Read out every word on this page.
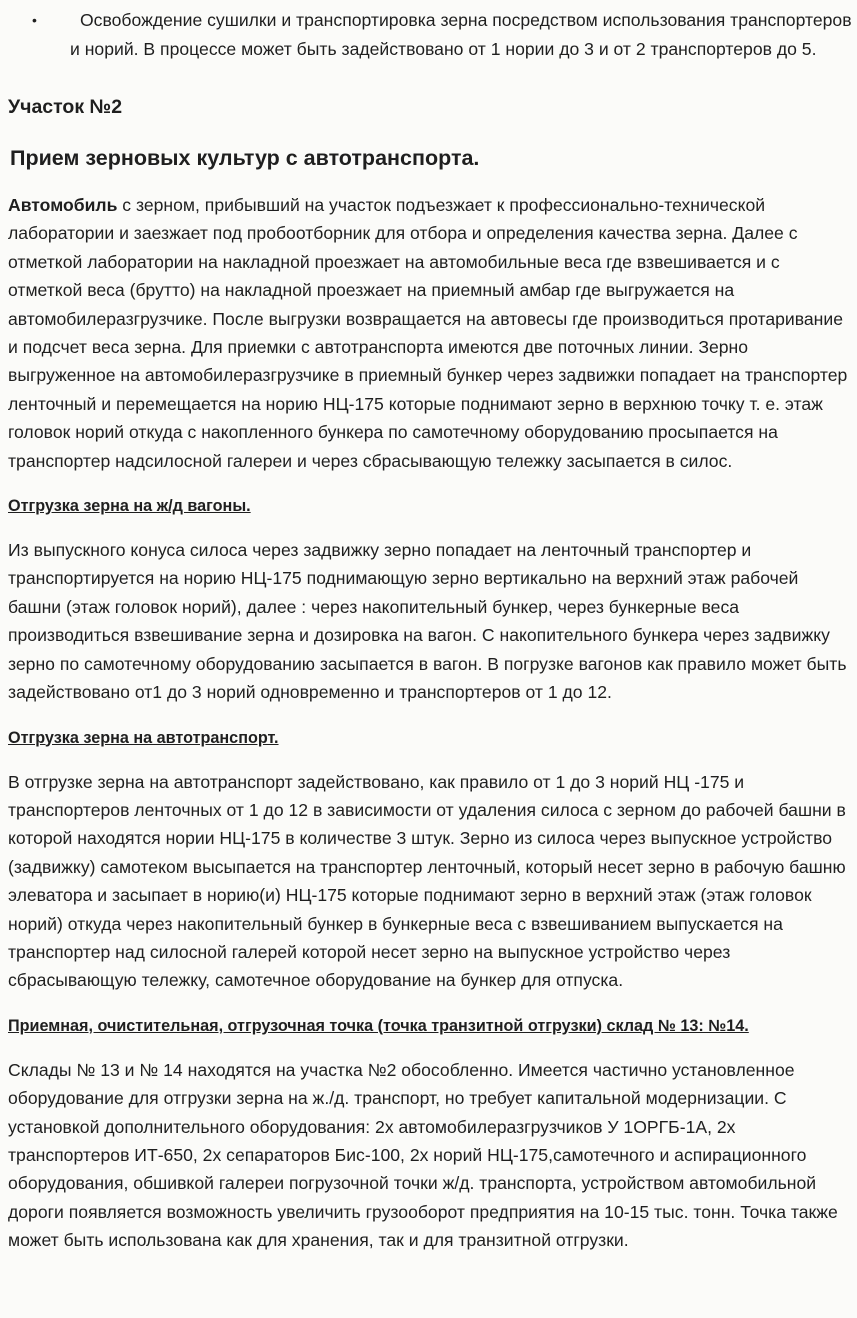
• Освобождение сушилки и транспортировка зерна посредством использования транспортеров и норий. В процессе может быть задействовано от 1 нории до 3 и от 2 транспортеров до 5.

Участок №2
Прием зерновых культур с автотранспорта.

Автомобиль с зерном, прибывший на участок подъезжает к профессионально-технической лаборатории и заезжает под пробоотборник для отбора и определения качества зерна. Далее с отметкой лаборатории на накладной проезжает на автомобильные веса где взвешивается и с отметкой веса (брутто) на накладной проезжает на приемный амбар где выгружается на автомобилеразгрузчике. После выгрузки возвращается на автовесы где производиться протаривание и подсчет веса зерна. Для приемки с автотранспорта имеются две поточных линии. Зерно выгруженное на автомобилеразгрузчике в приемный бункер через задвижки попадает на транспортер ленточный и перемещается на норию НЦ-175 которые поднимают зерно в верхнюю точку т. е. этаж головок норий откуда с накопленного бункера по самотечному оборудованию просыпается на транспортер надсилосной галереи и через сбрасывающую тележку засыпается в силос.

Отгрузка зерна на ж/д вагоны.

Из выпускного конуса силоса через задвижку зерно попадает на ленточный транспортер и транспортируется на норию НЦ-175 поднимающую зерно вертикально на верхний этаж рабочей башни (этаж головок норий), далее : через накопительный бункер, через бункерные веса производиться взвешивание зерна и дозировка на вагон. С накопительного бункера через задвижку зерно по самотечному оборудованию засыпается в вагон. В погрузке вагонов как правило может быть задействовано от1 до 3 норий одновременно и транспортеров от 1 до 12.

Отгрузка зерна на автотранспорт.

В отгрузке зерна на автотранспорт задействовано, как правило от 1 до 3 норий НЦ -175 и транспортеров ленточных от 1 до 12 в зависимости от удаления силоса с зерном до рабочей башни в которой находятся нории НЦ-175 в количестве 3 штук. Зерно из силоса через выпускное устройство (задвижку) самотеком высыпается на транспортер ленточный, который несет зерно в рабочую башню элеватора и засыпает в норию(и) НЦ-175 которые поднимают зерно в верхний этаж (этаж головок норий) откуда через накопительный бункер в бункерные веса с взвешиванием выпускается на транспортер над силосной галерей которой несет зерно на выпускное устройство через сбрасывающую тележку, самотечное оборудование на бункер для отпуска.

Приемная, очистительная, отгрузочная точка (точка транзитной отгрузки) склад № 13: №14.

Склады № 13 и № 14 находятся на участка №2 обособленно. Имеется частично установленное оборудование для отгрузки зерна на ж./д. транспорт, но требует капитальной модернизации. С установкой дополнительного оборудования: 2х автомобилеразгрузчиков У 1ОРГБ-1А, 2х транспортеров ИТ-650, 2х сепараторов Бис-100, 2х норий НЦ-175,самотечного и аспирационного оборудования, обшивкой галереи погрузочной точки ж/д. транспорта, устройством автомобильной дороги появляется возможность увеличить грузооборот предприятия на 10-15 тыс. тонн. Точка также может быть использована как для хранения, так и для транзитной отгрузки.
